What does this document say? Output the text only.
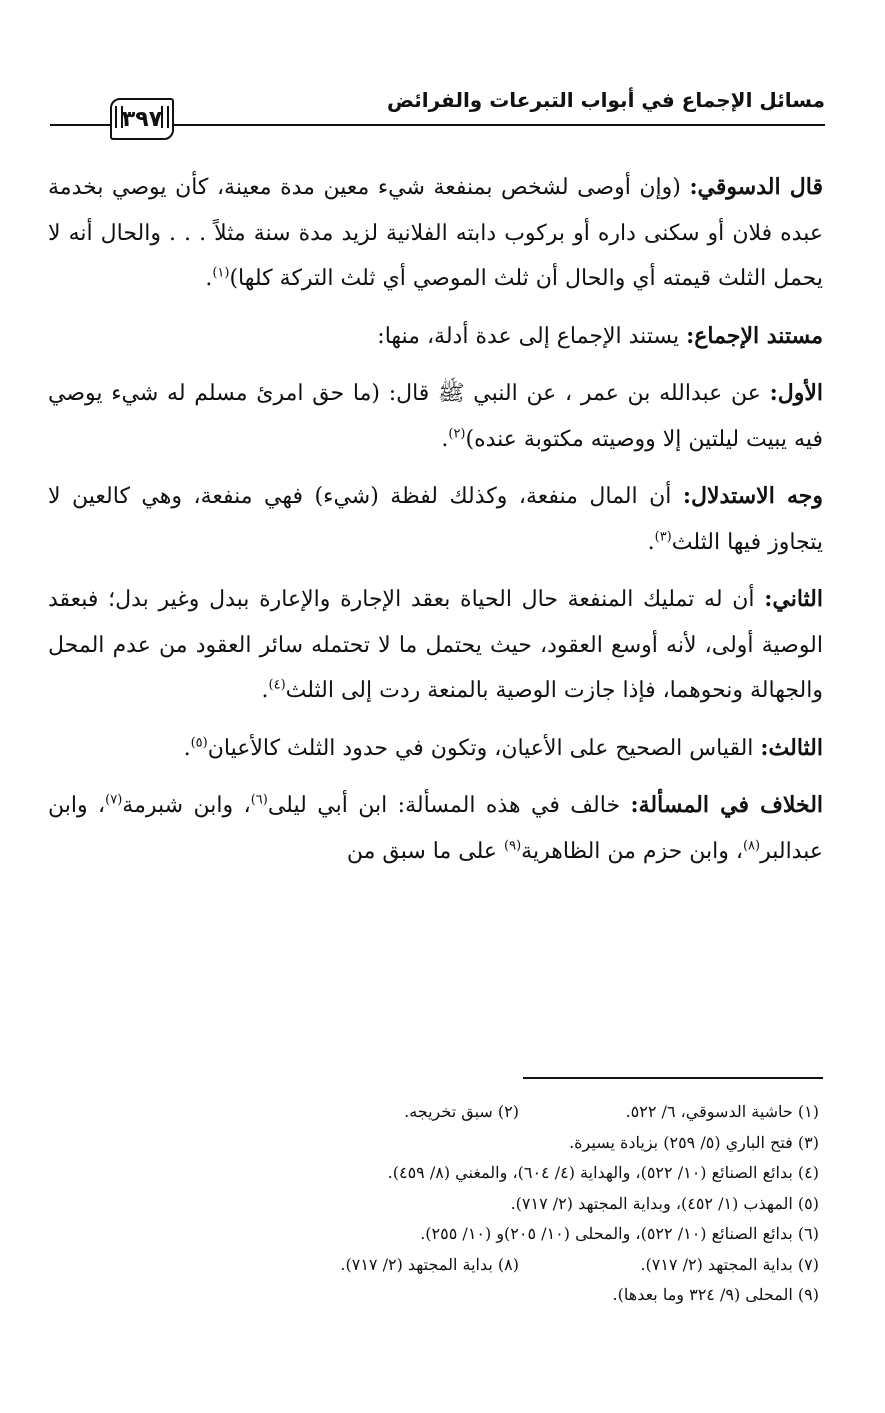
مسائل الإجماع في أبواب التبرعات والفرائض
٣٩٧

قال الدسوقي: (وإن أوصى لشخص بمنفعة شيء معين مدة معينة، كأن يوصي بخدمة عبده فلان أو سكنى داره أو بركوب دابته الفلانية لزيد مدة سنة مثلاً . . . والحال أنه لا يحمل الثلث قيمته أي والحال أن ثلث الموصي أي ثلث التركة كلها)$^{(١)}$.

مستند الإجماع: يستند الإجماع إلى عدة أدلة، منها:

الأول: عن عبدالله بن عمر ، عن النبي ﷺ قال: (ما حق امرئ مسلم له شيء يوصي فيه يبيت ليلتين إلا ووصيته مكتوبة عنده)$^{(٢)}$.

وجه الاستدلال: أن المال منفعة، وكذلك لفظة (شيء) فهي منفعة، وهي كالعين لا يتجاوز فيها الثلث$^{(٣)}$.

الثاني: أن له تمليك المنفعة حال الحياة بعقد الإجارة والإعارة ببدل وغير بدل؛ فبعقد الوصية أولى، لأنه أوسع العقود، حيث يحتمل ما لا تحتمله سائر العقود من عدم المحل والجهالة ونحوهما، فإذا جازت الوصية بالمنعة ردت إلى الثلث$^{(٤)}$.

الثالث: القياس الصحيح على الأعيان، وتكون في حدود الثلث كالأعيان$^{(٥)}$.

الخلاف في المسألة: خالف في هذه المسألة: ابن أبي ليلى$^{(٦)}$، وابن شبرمة$^{(٧)}$، وابن عبدالبر$^{(٨)}$، وابن حزم من الظاهرية$^{(٩)}$ على ما سبق من

(١) حاشية الدسوقي، ٦/ ٥٢٢.
(٢) سبق تخريجه.
(٣) فتح الباري (٥/ ٢٥٩) بزيادة يسيرة.
(٤) بدائع الصنائع (١٠/ ٥٢٢)، والهداية (٤/ ٦٠٤)، والمغني (٨/ ٤٥٩).
(٥) المهذب (١/ ٤٥٢)، وبداية المجتهد (٢/ ٧١٧).
(٦) بدائع الصنائع (١٠/ ٥٢٢)، والمحلى (١٠/ ٢٠٥)و (١٠/ ٢٥٥).
(٧) بداية المجتهد (٢/ ٧١٧).
(٨) بداية المجتهد (٢/ ٧١٧).
(٩) المحلى (٩/ ٣٢٤ وما بعدها).
